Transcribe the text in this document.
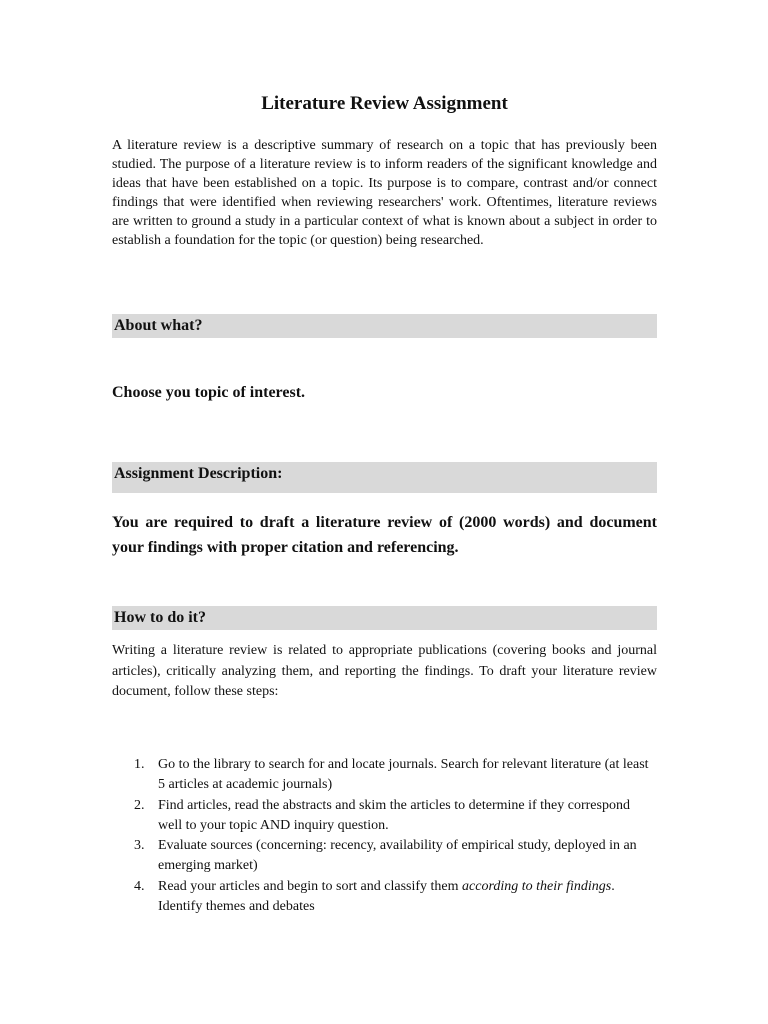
Literature Review Assignment

A literature review is a descriptive summary of research on a topic that has previously been studied. The purpose of a literature review is to inform readers of the significant knowledge and ideas that have been established on a topic. Its purpose is to compare, contrast and/or connect findings that were identified when reviewing researchers' work. Oftentimes, literature reviews are written to ground a study in a particular context of what is known about a subject in order to establish a foundation for the topic (or question) being researched.

About what?

Choose you topic of interest.

Assignment Description:

You are required to draft a literature review of (2000 words) and document your findings with proper citation and referencing.

How to do it?

Writing a literature review is related to appropriate publications (covering books and journal articles), critically analyzing them, and reporting the findings. To draft your literature review document, follow these steps:

1. Go to the library to search for and locate journals. Search for relevant literature (at least 5 articles at academic journals)
2. Find articles, read the abstracts and skim the articles to determine if they correspond well to your topic AND inquiry question.
3. Evaluate sources (concerning: recency, availability of empirical study, deployed in an emerging market)
4. Read your articles and begin to sort and classify them according to their findings. Identify themes and debates
